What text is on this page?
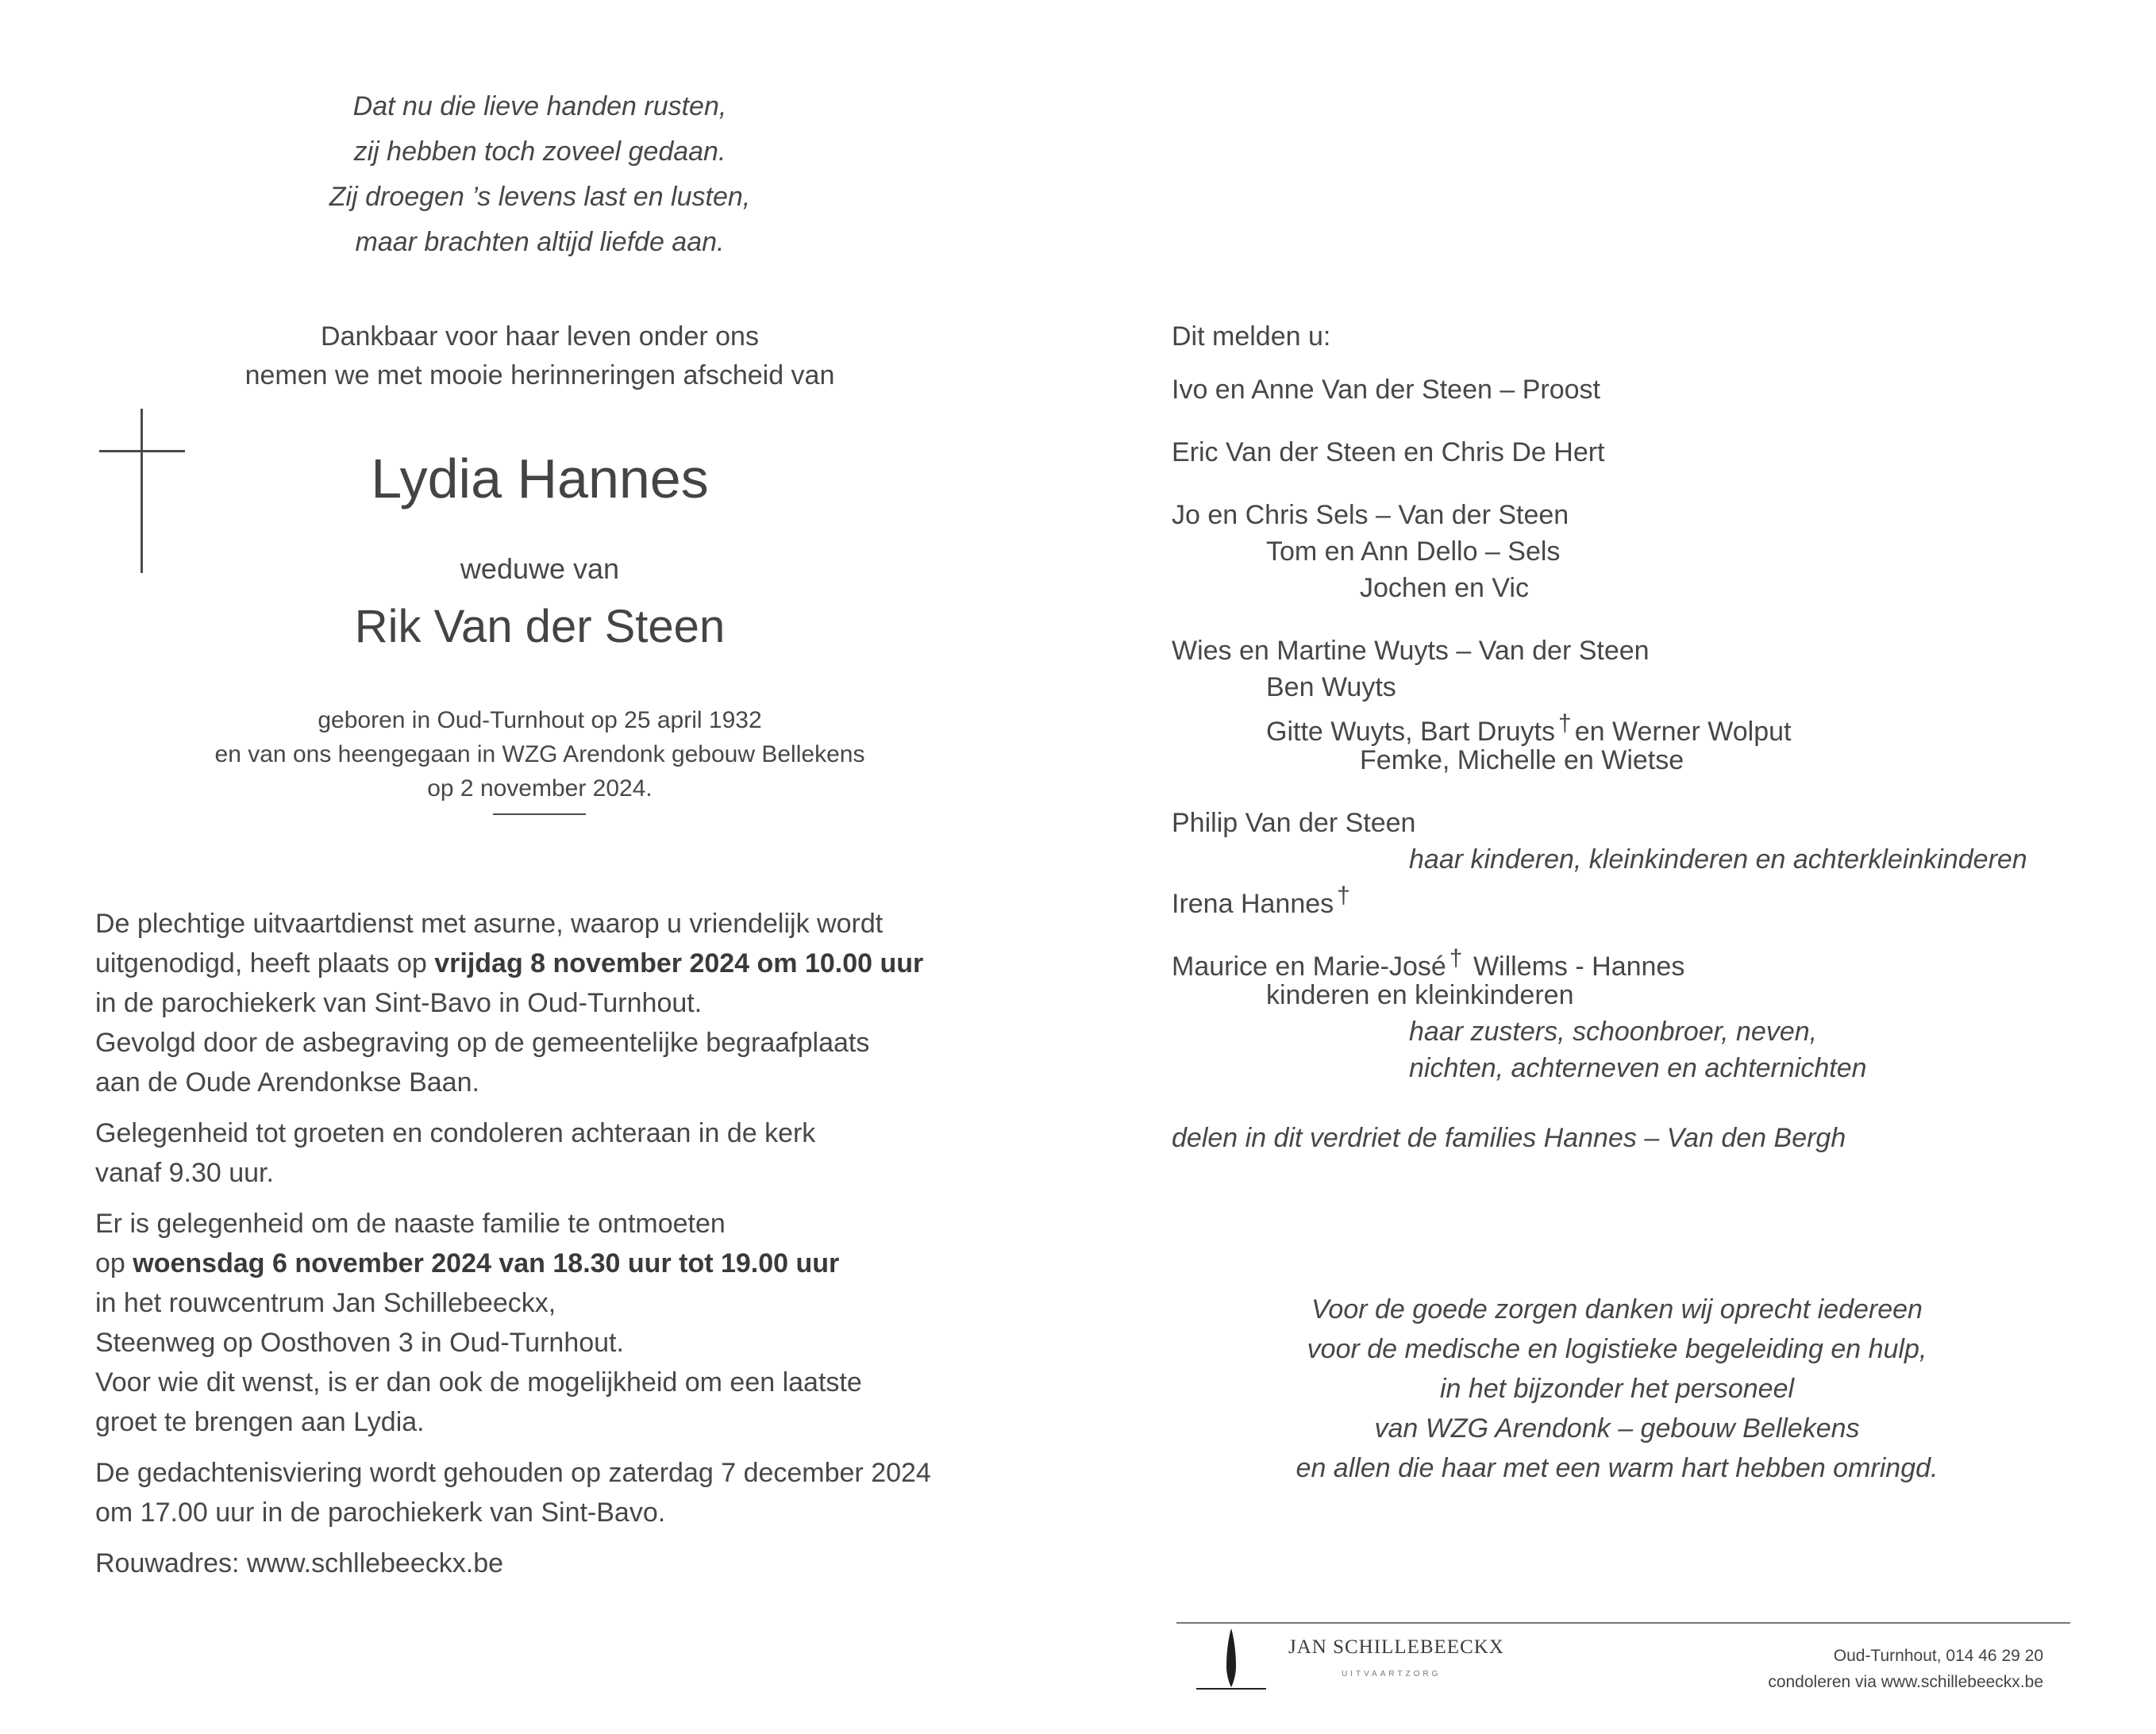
Dat nu die lieve handen rusten,
zij hebben toch zoveel gedaan.
Zij droegen ’s levens last en lusten,
maar brachten altijd liefde aan.
Dankbaar voor haar leven onder ons
nemen we met mooie herinneringen afscheid van
Lydia Hannes
weduwe van
Rik Van der Steen
geboren in Oud-Turnhout op 25 april 1932
en van ons heengegaan in WZG Arendonk gebouw Bellekens
op 2 november 2024.
De plechtige uitvaartdienst met asurne, waarop u vriendelijk wordt
uitgenodigd, heeft plaats op vrijdag 8 november 2024 om 10.00 uur
in de parochiekerk van Sint-Bavo in Oud-Turnhout.
Gevolgd door de asbegraving op de gemeentelijke begraafplaats
aan de Oude Arendonkse Baan.
Gelegenheid tot groeten en condoleren achteraan in de kerk
vanaf 9.30 uur.
Er is gelegenheid om de naaste familie te ontmoeten
op woensdag 6 november 2024 van 18.30 uur tot 19.00 uur
in het rouwcentrum Jan Schillebeeckx,
Steenweg op Oosthoven 3 in Oud-Turnhout.
Voor wie dit wenst, is er dan ook de mogelijkheid om een laatste
groet te brengen aan Lydia.
De gedachtenisviering wordt gehouden op zaterdag 7 december 2024
om 17.00 uur in de parochiekerk van Sint-Bavo.
Rouwadres: www.schllebeeckx.be
Dit melden u:
Ivo en Anne Van der Steen – Proost
Eric Van der Steen en Chris De Hert
Jo en Chris Sels – Van der Steen
Tom en Ann Dello – Sels
Jochen en Vic
Wies en Martine Wuyts – Van der Steen
Ben Wuyts
Gitte Wuyts, Bart Druyts † en Werner Wolput
Femke, Michelle en Wietse
Philip Van der Steen
haar kinderen, kleinkinderen en achterkleinkinderen
Irena Hannes †
Maurice en Marie-José † Willems - Hannes
kinderen en kleinkinderen
haar zusters, schoonbroer, neven,
nichten, achterneven en achternichten
delen in dit verdriet de families Hannes – Van den Bergh
Voor de goede zorgen danken wij oprecht iedereen
voor de medische en logistieke begeleiding en hulp,
in het bijzonder het personeel
van WZG Arendonk – gebouw Bellekens
en allen die haar met een warm hart hebben omringd.
JAN SCHILLEBEECKX
UITVAARTZORG
Oud-Turnhout, 014 46 29 20
condoleren via www.schillebeeckx.be
